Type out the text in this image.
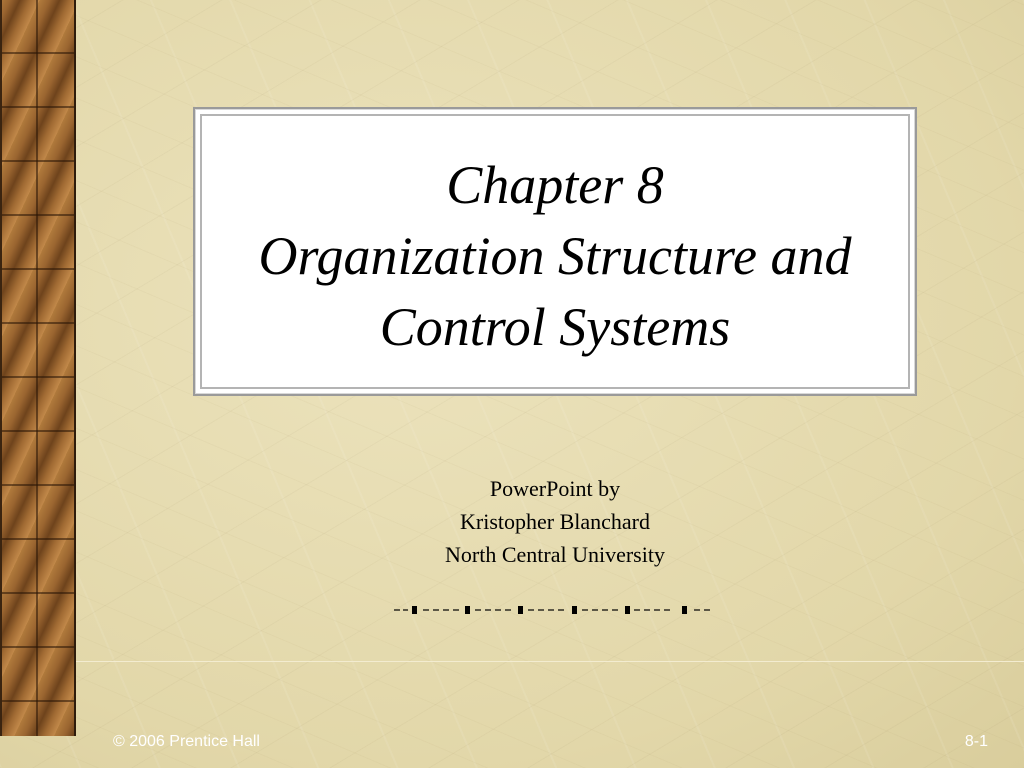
Chapter 8
Organization Structure and
Control Systems
PowerPoint by
Kristopher Blanchard
North Central University
© 2006 Prentice Hall	8-1
